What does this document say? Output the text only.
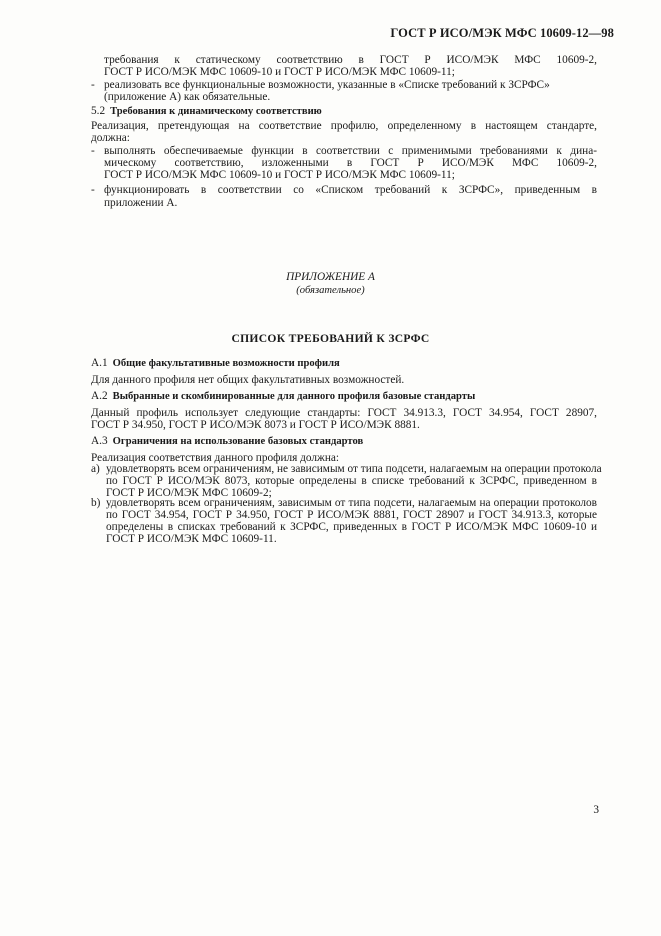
ГОСТ Р ИСО/МЭК МФС 10609-12—98
требования к статическому соответствию в ГОСТ Р ИСО/МЭК МФС 10609-2,
ГОСТ Р ИСО/МЭК МФС 10609-10 и ГОСТ Р ИСО/МЭК МФС 10609-11;
- реализовать все функциональные возможности, указанные в «Списке требований к ЗСРФС»
(приложение А) как обязательные.
5.2 Требования к динамическому соответствию
Реализация, претендующая на соответствие профилю, определенному в настоящем стандарте,
должна:
- выполнять обеспечиваемые функции в соответствии с применимыми требованиями к дина-
мическому соответствию, изложенными в ГОСТ Р ИСО/МЭК МФС 10609-2,
ГОСТ Р ИСО/МЭК МФС 10609-10 и ГОСТ Р ИСО/МЭК МФС 10609-11;
- функционировать в соответствии со «Списком требований к ЗСРФС», приведенным в
приложении А.
ПРИЛОЖЕНИЕ А
(обязательное)
СПИСОК ТРЕБОВАНИЙ К ЗСРФС
А.1 Общие факультативные возможности профиля
Для данного профиля нет общих факультативных возможностей.
А.2 Выбранные и скомбинированные для данного профиля базовые стандарты
Данный профиль использует следующие стандарты: ГОСТ 34.913.3, ГОСТ 34.954, ГОСТ 28907,
ГОСТ Р 34.950, ГОСТ Р ИСО/МЭК 8073 и ГОСТ Р ИСО/МЭК 8881.
А.3 Ограничения на использование базовых стандартов
Реализация соответствия данного профиля должна:
a) удовлетворять всем ограничениям, не зависимым от типа подсети, налагаемым на операции протокола
по ГОСТ Р ИСО/МЭК 8073, которые определены в списке требований к ЗСРФС, приведенном в
ГОСТ Р ИСО/МЭК МФС 10609-2;
b) удовлетворять всем ограничениям, зависимым от типа подсети, налагаемым на операции протоколов
по ГОСТ 34.954, ГОСТ Р 34.950, ГОСТ Р ИСО/МЭК 8881, ГОСТ 28907 и ГОСТ 34.913.3, которые
определены в списках требований к ЗСРФС, приведенных в ГОСТ Р ИСО/МЭК МФС 10609-10 и
ГОСТ Р ИСО/МЭК МФС 10609-11.
3
